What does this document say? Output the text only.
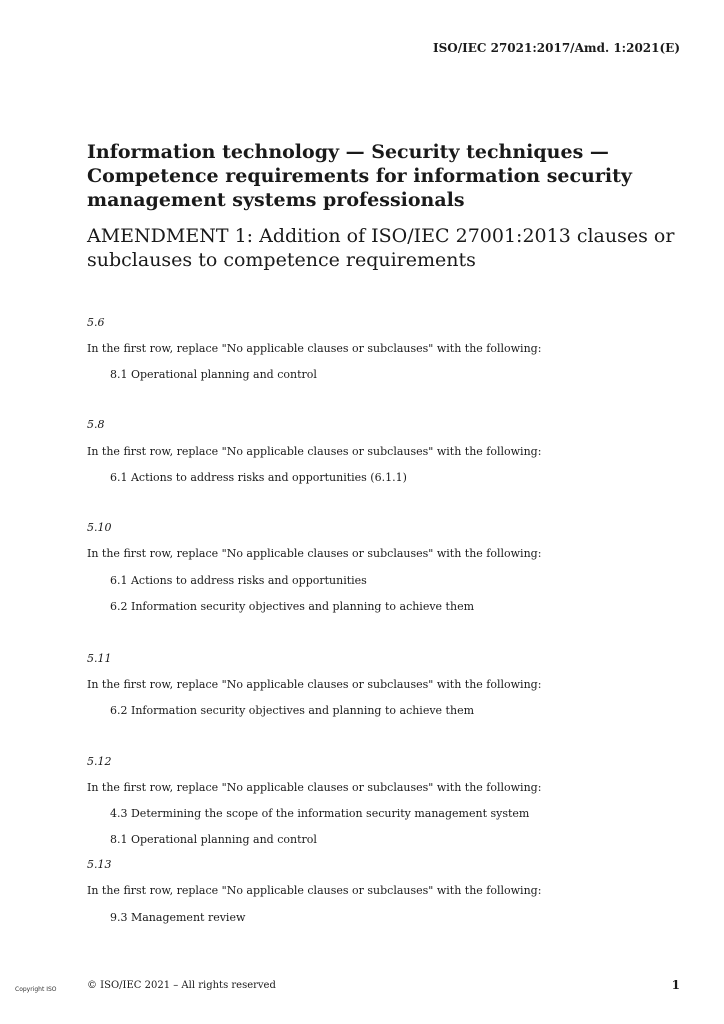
ISO/IEC 27021:2017/Amd. 1:2021(E)
Information technology — Security techniques —
Competence requirements for information security
management systems professionals
AMENDMENT 1: Addition of ISO/IEC 27001:2013 clauses or
subclauses to competence requirements
5.6
In the first row, replace "No applicable clauses or subclauses" with the following:
8.1 Operational planning and control
5.8
In the first row, replace "No applicable clauses or subclauses" with the following:
6.1 Actions to address risks and opportunities (6.1.1)
5.10
In the first row, replace "No applicable clauses or subclauses" with the following:
6.1 Actions to address risks and opportunities
6.2 Information security objectives and planning to achieve them
5.11
In the first row, replace "No applicable clauses or subclauses" with the following:
6.2 Information security objectives and planning to achieve them
5.12
In the first row, replace "No applicable clauses or subclauses" with the following:
4.3 Determining the scope of the information security management system
8.1 Operational planning and control
5.13
In the first row, replace "No applicable clauses or subclauses" with the following:
9.3 Management review
Copyright ISO	© ISO/IEC 2021 – All rights reserved	1
